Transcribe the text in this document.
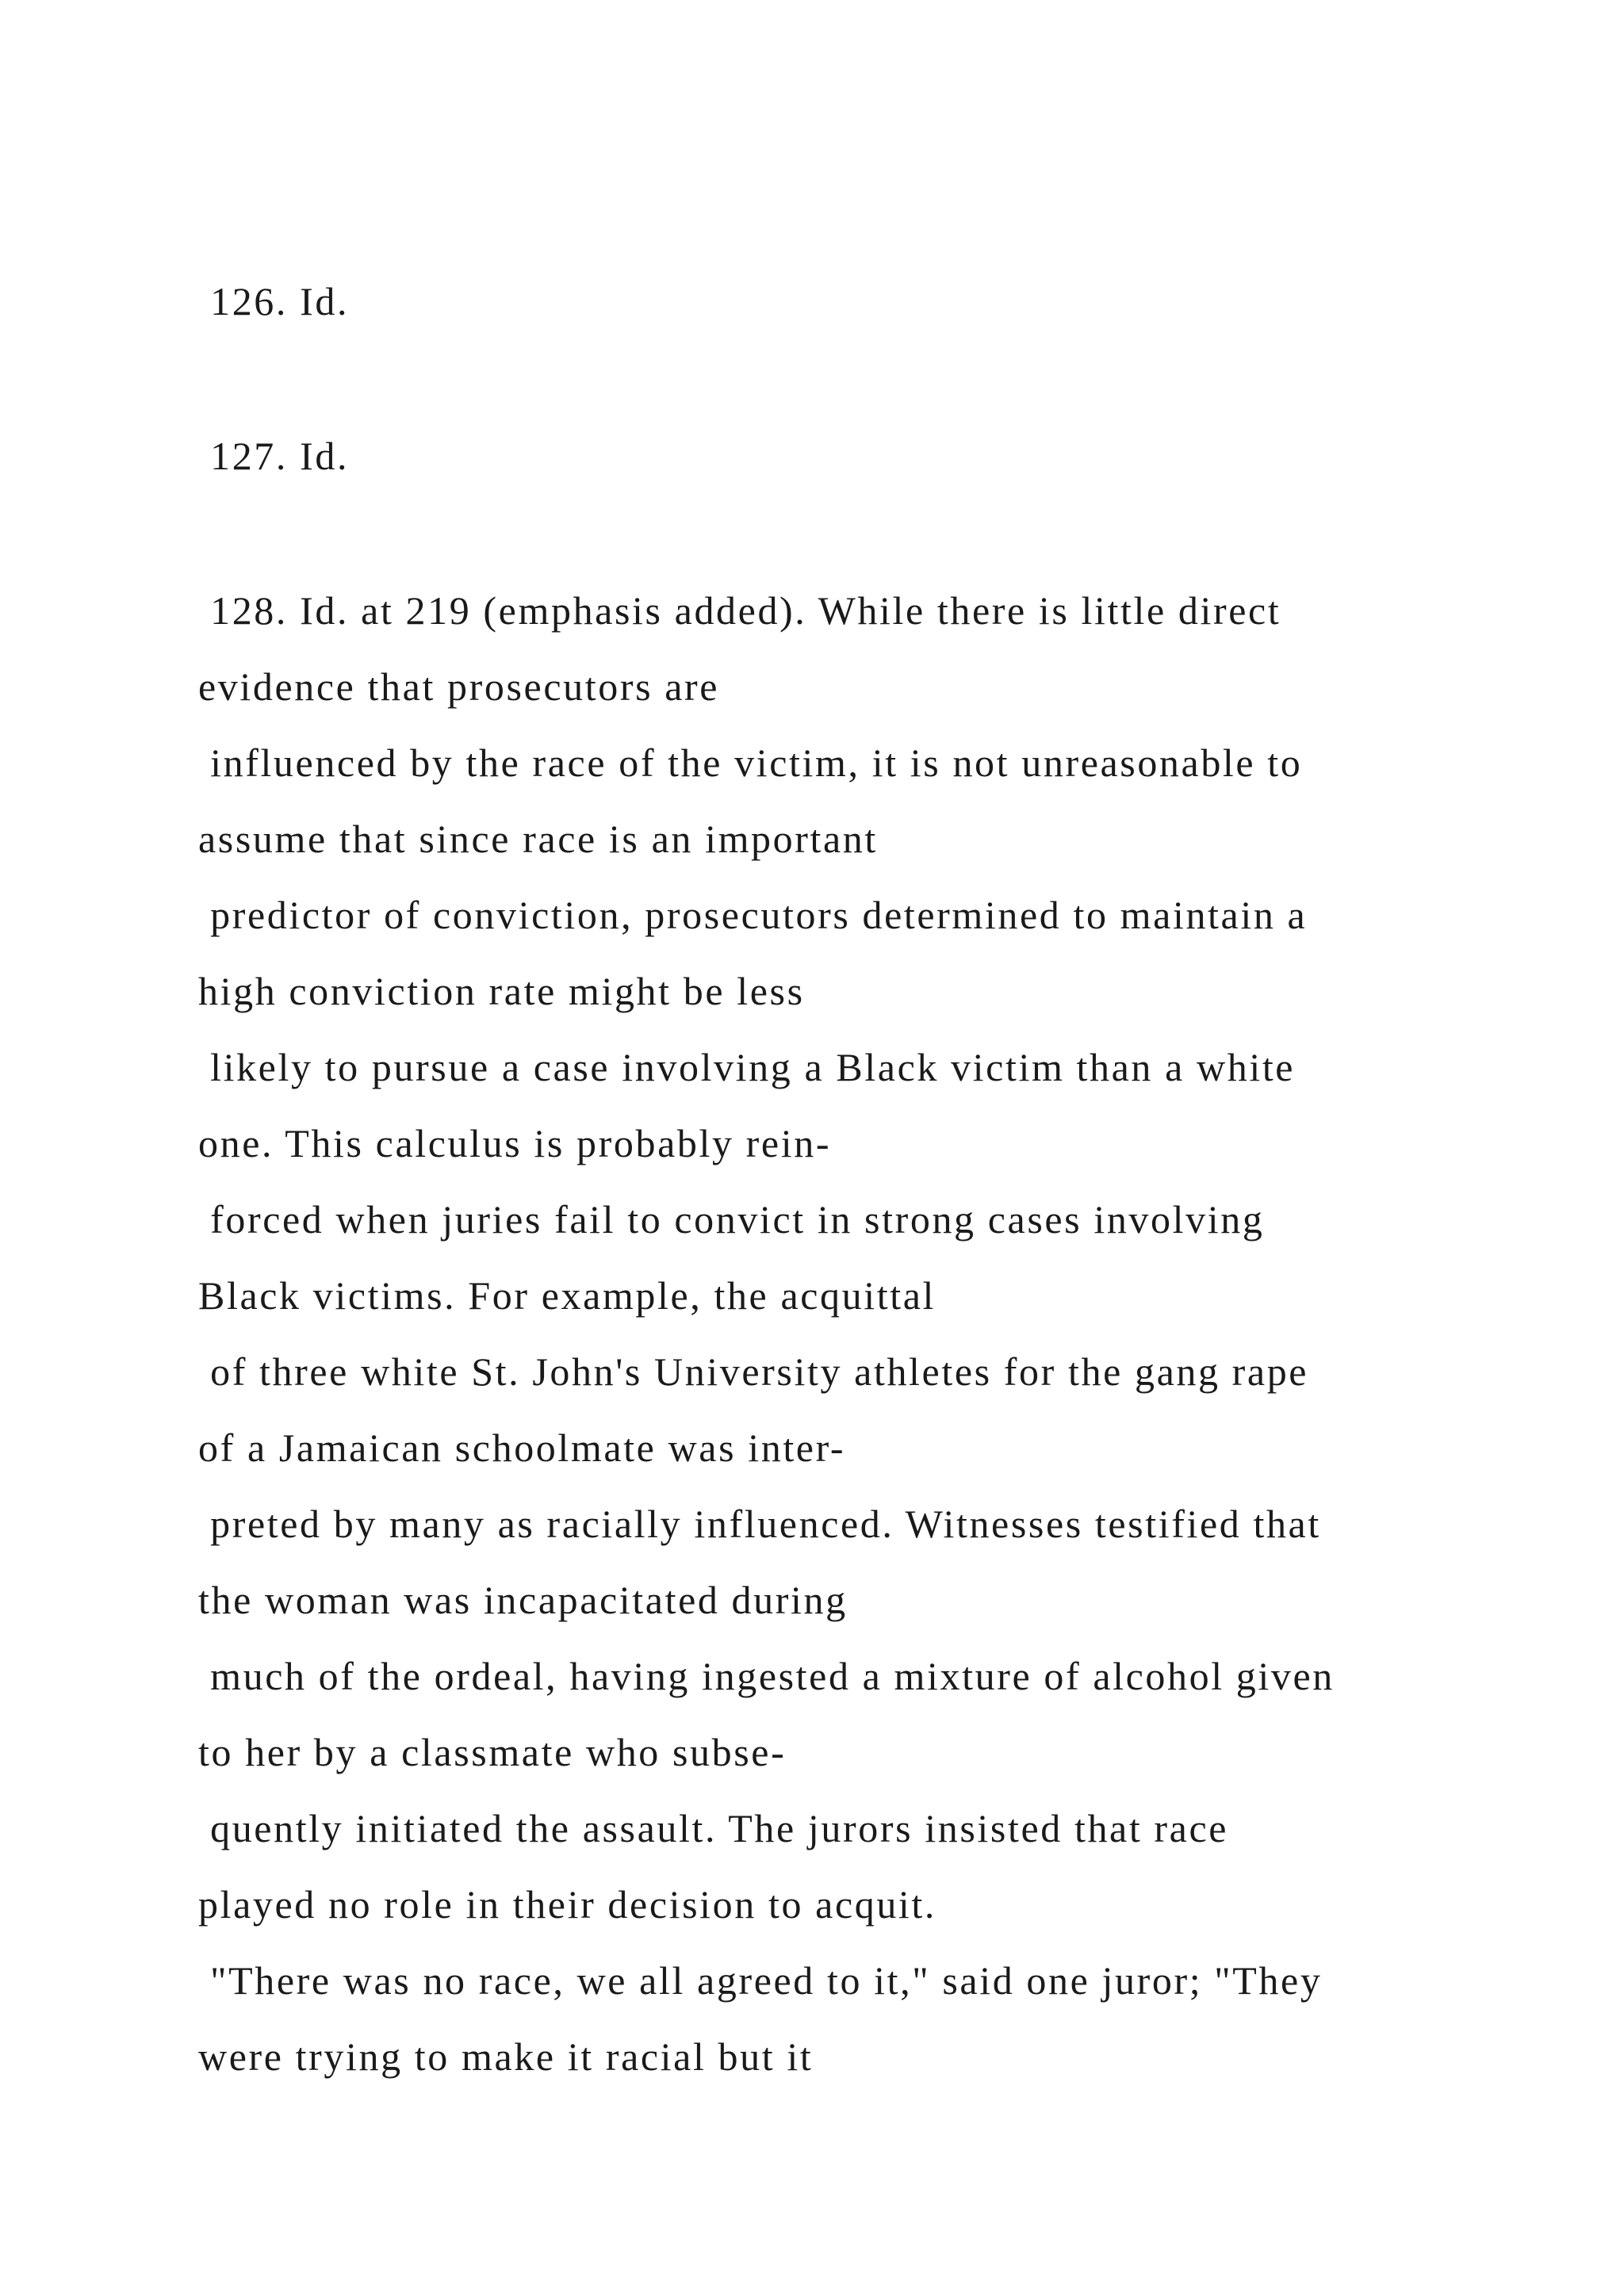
126. Id.

127. Id.

128. Id. at 219 (emphasis added). While there is little direct

evidence that prosecutors are

influenced by the race of the victim, it is not unreasonable to

assume that since race is an important

predictor of conviction, prosecutors determined to maintain a

high conviction rate might be less

likely to pursue a case involving a Black victim than a white

one. This calculus is probably rein-

forced when juries fail to convict in strong cases involving

Black victims. For example, the acquittal

of three white St. John's University athletes for the gang rape

of a Jamaican schoolmate was inter-

preted by many as racially influenced. Witnesses testified that

the woman was incapacitated during

much of the ordeal, having ingested a mixture of alcohol given

to her by a classmate who subse-

quently initiated the assault. The jurors insisted that race

played no role in their decision to acquit.

"There was no race, we all agreed to it," said one juror; "They

were trying to make it racial but it
